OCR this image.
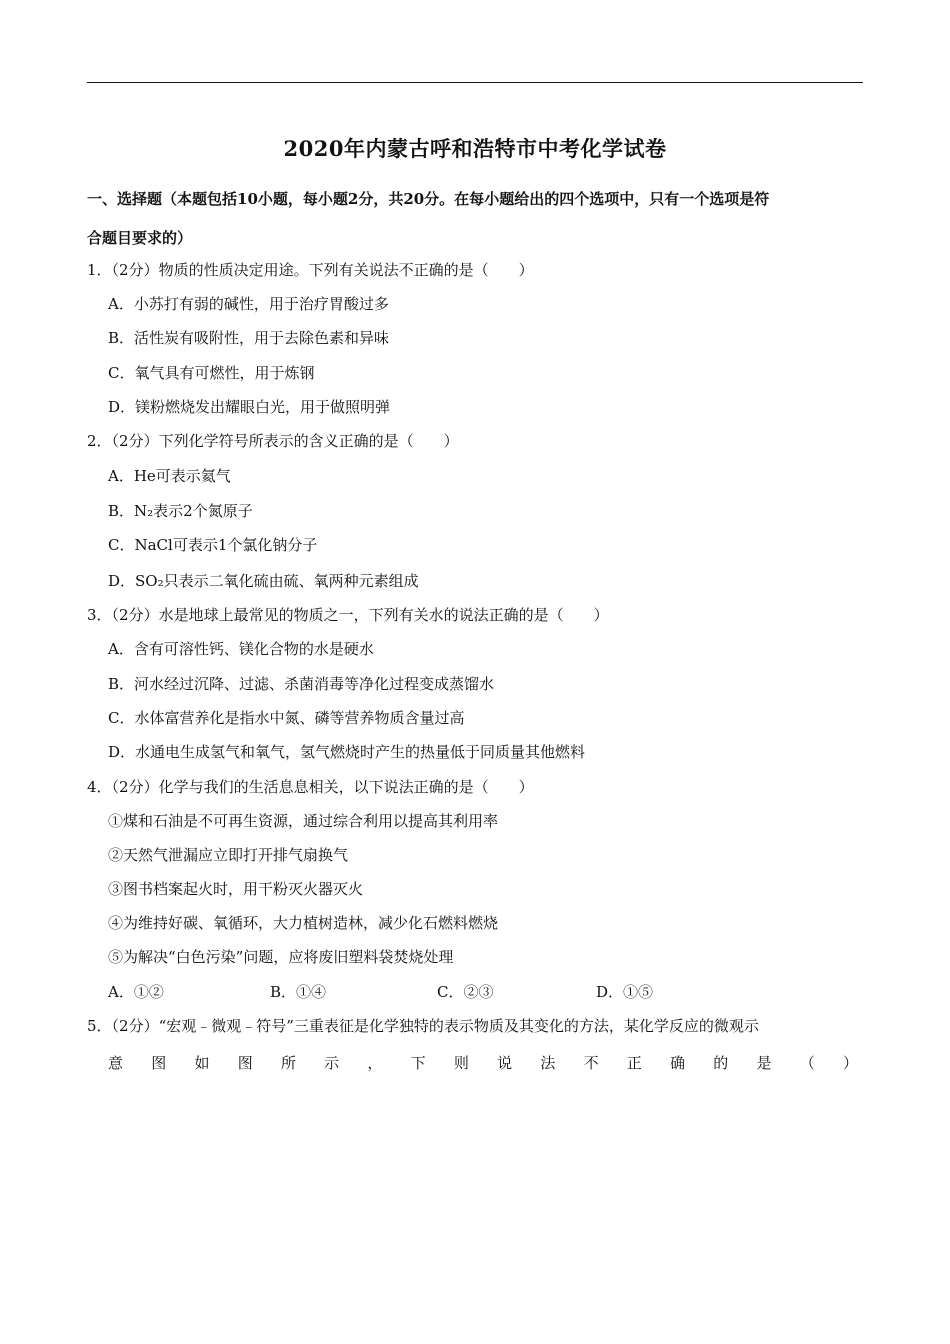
2020年内蒙古呼和浩特市中考化学试卷
一、选择题（本题包括10小题，每小题2分，共20分。在每小题给出的四个选项中，只有一个选项是符
合题目要求的）
1．（2分）物质的性质决定用途。下列有关说法不正确的是（　　）
A．小苏打有弱的碱性，用于治疗胃酸过多
B．活性炭有吸附性，用于去除色素和异味
C．氧气具有可燃性，用于炼钢
D．镁粉燃烧发出耀眼白光，用于做照明弹
2．（2分）下列化学符号所表示的含义正确的是（　　）
A．He可表示氦气
B．N₂表示2个氮原子
C．NaCl可表示1个氯化钠分子
D．SO₂只表示二氧化硫由硫、氧两种元素组成
3．（2分）水是地球上最常见的物质之一，下列有关水的说法正确的是（　　）
A．含有可溶性钙、镁化合物的水是硬水
B．河水经过沉降、过滤、杀菌消毒等净化过程变成蒸馏水
C．水体富营养化是指水中氮、磷等营养物质含量过高
D．水通电生成氢气和氧气，氢气燃烧时产生的热量低于同质量其他燃料
4．（2分）化学与我们的生活息息相关，以下说法正确的是（　　）
①煤和石油是不可再生资源，通过综合利用以提高其利用率
②天然气泄漏应立即打开排气扇换气
③图书档案起火时，用干粉灭火器灭火
④为维持好碳、氧循环，大力植树造林，减少化石燃料燃烧
⑤为解决“白色污染”问题，应将废旧塑料袋焚烧处理
A．①②	B．①④	C．②③	D．①⑤
5．（2分）“宏观﹣微观﹣符号”三重表征是化学独特的表示物质及其变化的方法，某化学反应的微观示
意 图 如 图 所 示 ， 下 则 说 法 不 正 确 的 是 （ ）
